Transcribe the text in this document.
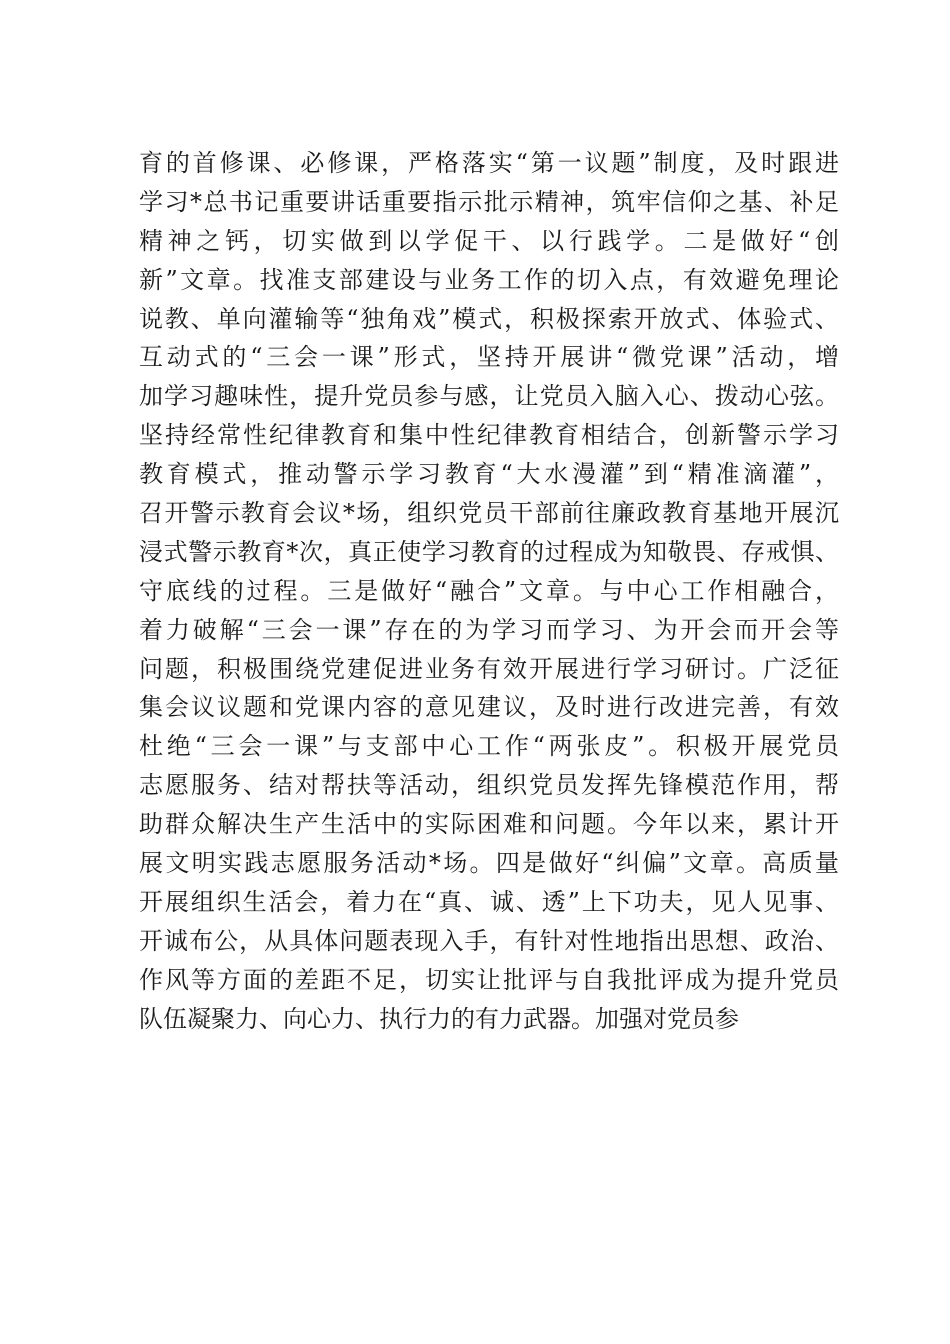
育的首修课、必修课，严格落实“第一议题”制度，及时跟进
学习*总书记重要讲话重要指示批示精神，筑牢信仰之基、补足
精神之钙，切实做到以学促干、以行践学。二是做好“创
新”文章。找准支部建设与业务工作的切入点，有效避免理论
说教、单向灌输等“独角戏”模式，积极探索开放式、体验式、
互动式的“三会一课”形式，坚持开展讲“微党课”活动，增
加学习趣味性，提升党员参与感，让党员入脑入心、拨动心弦。
坚持经常性纪律教育和集中性纪律教育相结合，创新警示学习
教育模式，推动警示学习教育“大水漫灌”到“精准滴灌”，
召开警示教育会议*场，组织党员干部前往廉政教育基地开展沉
浸式警示教育*次，真正使学习教育的过程成为知敬畏、存戒惧、
守底线的过程。三是做好“融合”文章。与中心工作相融合，
着力破解“三会一课”存在的为学习而学习、为开会而开会等
问题，积极围绕党建促进业务有效开展进行学习研讨。广泛征
集会议议题和党课内容的意见建议，及时进行改进完善，有效
杜绝“三会一课”与支部中心工作“两张皮”。积极开展党员
志愿服务、结对帮扶等活动，组织党员发挥先锋模范作用，帮
助群众解决生产生活中的实际困难和问题。今年以来，累计开
展文明实践志愿服务活动*场。四是做好“纠偏”文章。高质量
开展组织生活会，着力在“真、诚、透”上下功夫，见人见事、
开诚布公，从具体问题表现入手，有针对性地指出思想、政治、
作风等方面的差距不足，切实让批评与自我批评成为提升党员
队伍凝聚力、向心力、执行力的有力武器。加强对党员参
